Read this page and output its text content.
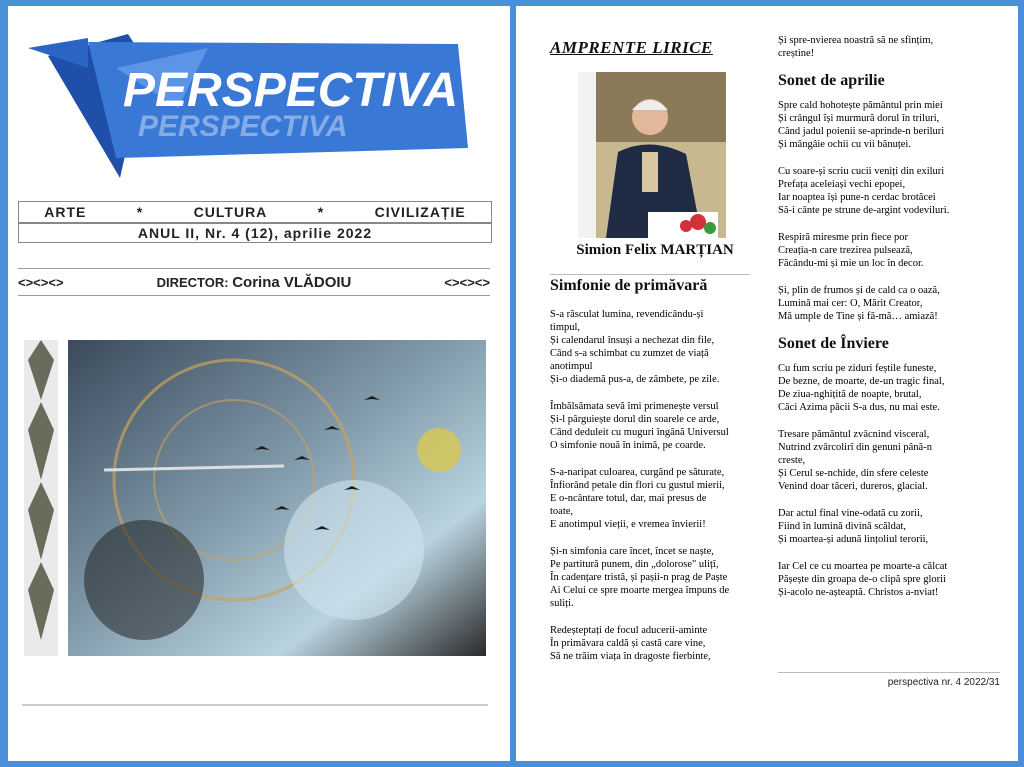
PERSPECTIVA
PERSPECTIVA
ARTE	*	CULTURA	*	CIVILIZAȚIE
ANUL II, Nr. 4 (12), aprilie 2022
<><><>	DIRECTOR: Corina VLĂDOIU	<><><>
AMPRENTE LIRICE
Simion Felix MARȚIAN
Simfonie de primăvară
S-a răsculat lumina, revendicându-și
timpul,
Și calendarul însuși a nechezat din file,
Când s-a schimbat cu zumzet de viață
anotimpul
Și-o diademă pus-a, de zâmbete, pe zile.
Îmbălsămata sevă îmi primenește versul
Și-l pârguiește dorul din soarele ce arde,
Când deduleit cu muguri îngână Universul
O simfonie nouă în inimă, pe coarde.
S-a-naripat culoarea, curgând pe săturate,
Înfiorând petale din flori cu gustul mierii,
E o-ncântare totul, dar, mai presus de
toate,
E anotimpul vieții, e vremea învierii!
Și-n simfonia care încet, încet se naște,
Pe partitură punem, din „dolorose" ulițî,
În cadențare tristă, și pașii-n prag de Paște
Ai Celui ce spre moarte mergea împuns de
suliți.
Redeșteptați de focul aducerii-aminte
În primăvara caldă și castă care vine,
Să ne trăim viața în dragoste fierbinte,
Și spre-nvierea noastră să ne sfințim,
creștine!
Sonet de aprilie
Spre cald hohotește pământul prin miei
Și crângul își murmură dorul în triluri,
Când jadul poienii se-aprinde-n beriluri
Și mângâie ochii cu vii bănuței.
Cu soare-și scriu cucii veniți din exiluri
Prefața aceleiași vechi epopei,
Iar noaptea își pune-n cerdac brotăcei
Să-i cânte pe strune de-argint vodeviluri.
Respiră miresme prin fiece por
Creația-n care trezirea pulsează,
Făcându-mi și mie un loc în decor.
Și, plin de frumos și de cald ca o oază,
Lumină mai cer: O, Mărit Creator,
Mă umple de Tine și fă-mă… amiază!
Sonet de Înviere
Cu fum scriu pe ziduri feștile funeste,
De bezne, de moarte, de-un tragic final,
De ziua-nghițită de noapte, brutal,
Căci Azima păcii S-a dus, nu mai este.
Tresare pământul zvâcnind visceral,
Nutrind zvârcolirî din genuni până-n
creste,
Și Cerul se-nchide, din sfere celeste
Venind doar tăceri, dureros, glacial.
Dar actul final vine-odată cu zorii,
Fiind în lumină divină scăldat,
Și moartea-și adună lințoliul terorii,
Iar Cel ce cu moartea pe moarte-a călcat
Pășește din groapa de-o clipă spre glorii
Și-acolo ne-așteaptă. Christos a-nviat!
perspectiva nr. 4 2022/31
